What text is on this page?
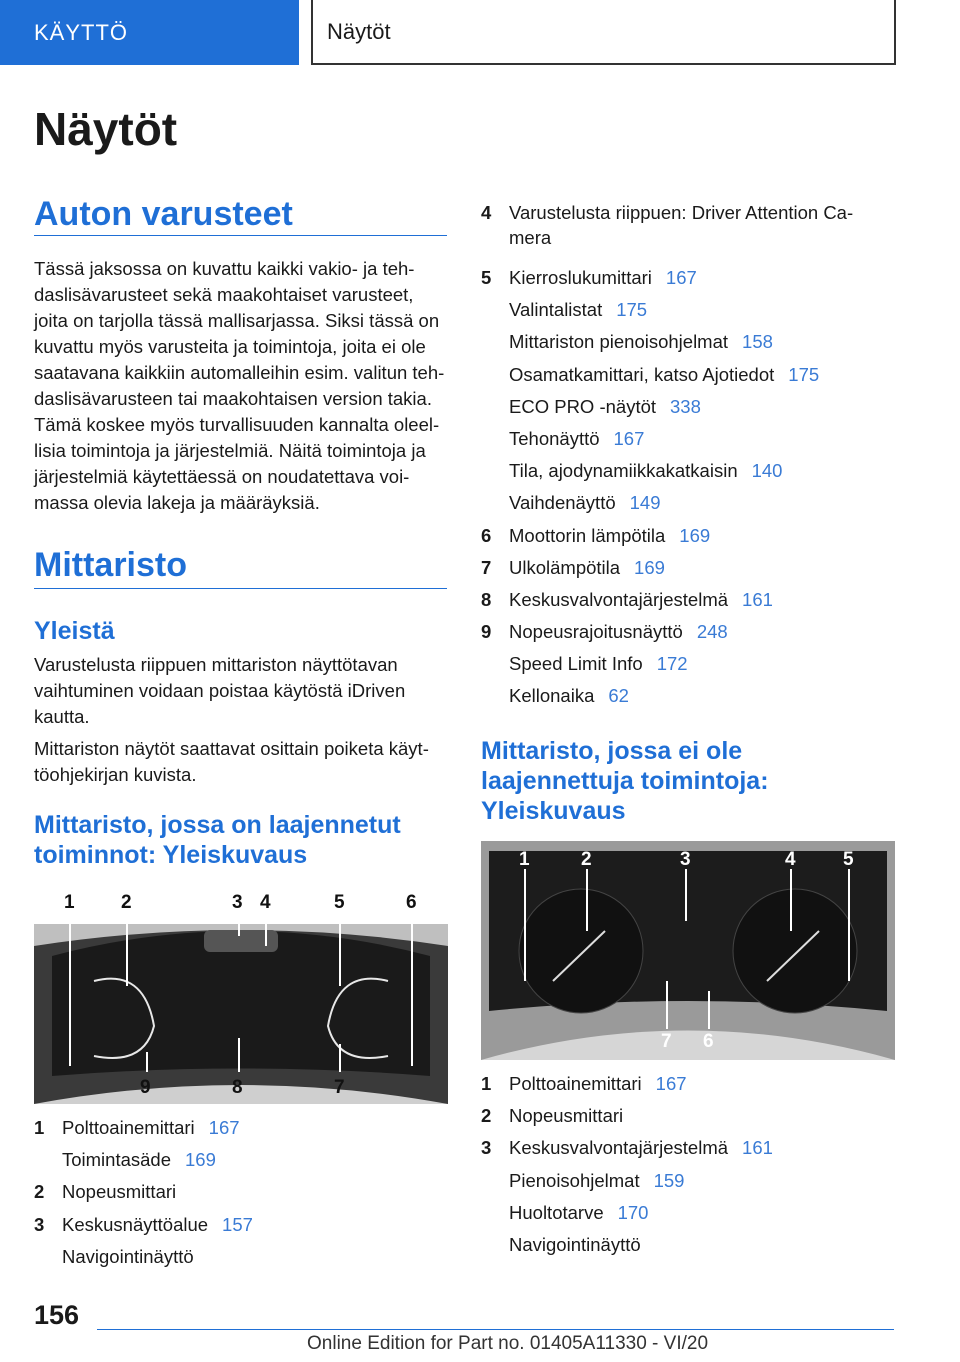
KÄYTTÖ	Näytöt
Näytöt
Auton varusteet
Tässä jaksossa on kuvattu kaikki vakio- ja teh-daslisävarusteet sekä maakohtaiset varusteet, joita on tarjolla tässä mallisarjassa. Siksi tässä on kuvattu myös varusteita ja toimintoja, joita ei ole saatavana kaikkiin automalleihin esim. valitun teh-daslisävarusteen tai maakohtaisen version takia. Tämä koskee myös turvallisuuden kannalta oleel-lisia toimintoja ja järjestelmiä. Näitä toimintoja ja järjestelmiä käytettäessä on noudatettava voi-massa olevia lakeja ja määräyksiä.
Mittaristo
Yleistä
Varustelusta riippuen mittariston näyttötavan vaihtuminen voidaan poistaa käytöstä iDriven kautta.
Mittariston näytöt saattavat osittain poiketa käyt-töohjekirjan kuvista.
Mittaristo, jossa on laajennetut toiminnot: Yleiskuvaus
1 2	3 4	5	6
9	8	7
1 Polttoainemittari 167
Toimintasäde 169
2 Nopeusmittari
3 Keskusnäyttöalue 157
Navigointinäyttö
4 Varustelusta riippuen: Driver Attention Ca-
mera
5 Kierroslukumittari 167
Valintalistat 175
Mittariston pienoisohjelmat 158
Osamatkamittari, katso Ajotiedot 175
ECO PRO -näytöt 338
Tehonäyttö 167
Tila, ajodynamiikkakatkaisin 140
Vaihdenäyttö 149
6 Moottorin lämpötila 169
7 Ulkolämpötila 169
8 Keskusvalvontajärjestelmä 161
9 Nopeusrajoitusnäyttö 248
Speed Limit Info 172
Kellonaika 62
Mittaristo, jossa ei ole laajennettuja toimintoja: Yleiskuvaus
1	2	3	4 5
7 6
1 Polttoainemittari 167
2 Nopeusmittari
3 Keskusvalvontajärjestelmä 161
Pienoisohjelmat 159
Huoltotarve 170
Navigointinäyttö
156
Online Edition for Part no. 01405A11330 - VI/20
